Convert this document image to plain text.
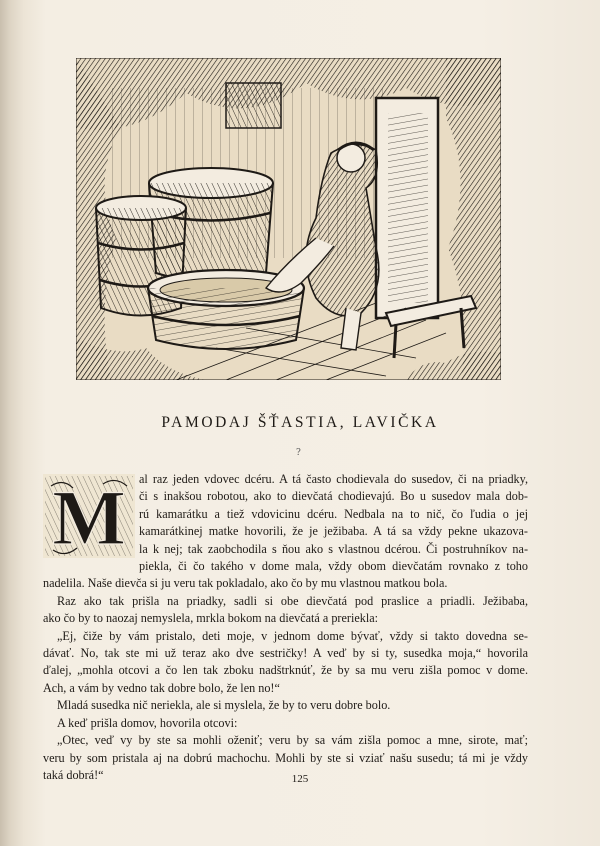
PAMODAJ ŠŤASTIA, LAVIČKA
?
M	al raz jeden vdovec dcéru. A tá často chodievala do susedov, či na priadky,
či s inakšou robotou, ako to dievčatá chodievajú. Bo u susedov mala dob-
rú kamarátku a tiež vdovicinu dcéru. Nedbala na to nič, čo ľudia o jej
kamarátkinej matke hovorili, že je ježibaba. A tá sa vždy pekne ukazova-
la k nej; tak zaobchodila s ňou ako s vlastnou dcérou. Či postruhníkov na-
piekla, či čo takého v dome mala, vždy obom dievčatám rovnako z toho
nadelila. Naše dievča si ju veru tak pokladalo, ako čo by mu vlastnou matkou bola.
Raz ako tak prišla na priadky, sadli si obe dievčatá pod praslice a priadli. Ježibaba,
ako čo by to naozaj nemyslela, mrkla bokom na dievčatá a preriekla:
„Ej, čiže by vám pristalo, deti moje, v jednom dome bývať, vždy si takto dovedna se-
dávať. No, tak ste mi už teraz ako dve sestričky! A veď by si ty, susedka moja,“ hovorila
ďalej, „mohla otcovi a čo len tak zboku nadštrknúť, že by sa mu veru zišla pomoc v dome.
Ach, a vám by vedno tak dobre bolo, že len no!“
Mladá susedka nič neriekla, ale si myslela, že by to veru dobre bolo.
A keď prišla domov, hovorila otcovi:
„Otec, veď vy by ste sa mohli oženiť; veru by sa vám zišla pomoc a mne, sirote, mať;
veru by som pristala aj na dobrú machochu. Mohli by ste si vziať našu susedu; tá mi je vždy
taká dobrá!“	125
